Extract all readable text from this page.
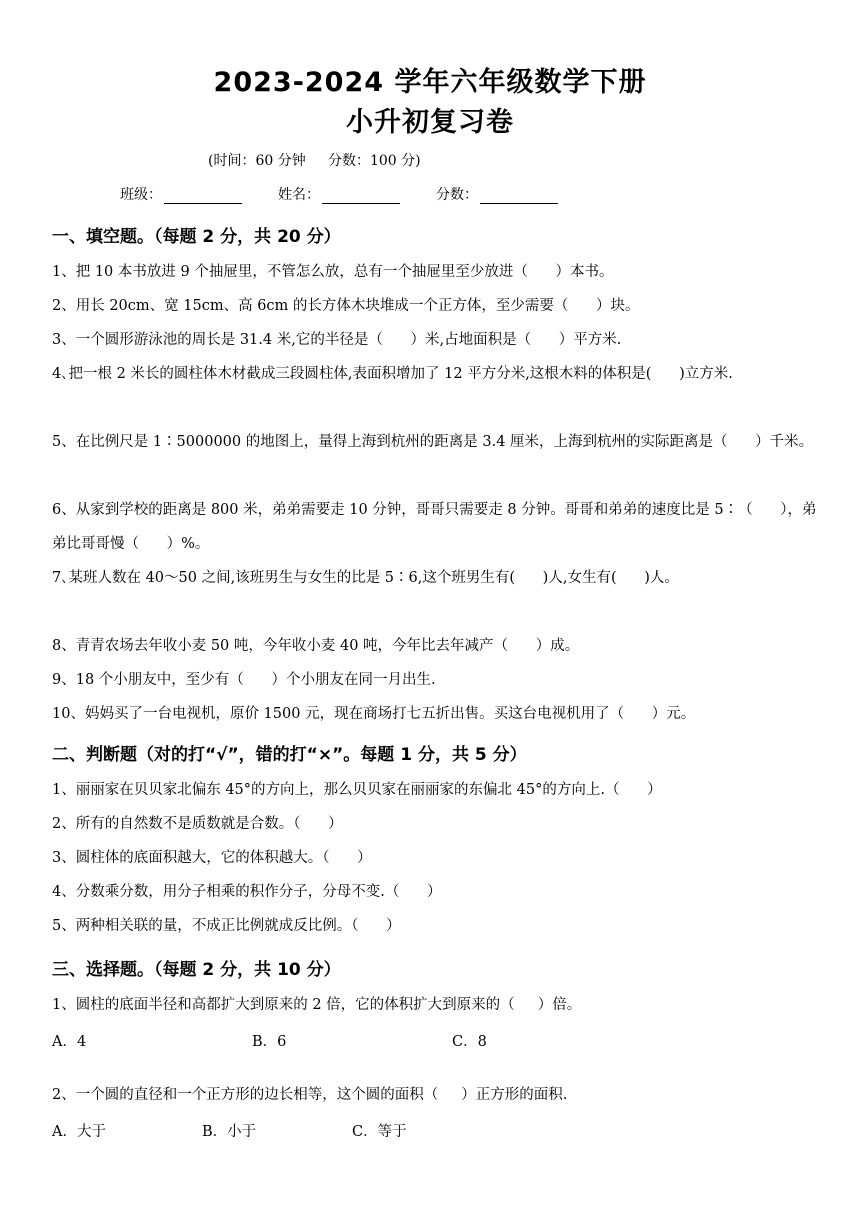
2023-2024 学年六年级数学下册
小升初复习卷
(时间：60 分钟     分数：100 分)
班级：	姓名：	分数：
一、填空题。（每题 2 分，共 20 分）
1、把 10 本书放进 9 个抽屉里，不管怎么放，总有一个抽屉里至少放进（      ）本书。
2、用长 20cm、宽 15cm、高 6cm 的长方体木块堆成一个正方体，至少需要（      ）块。
3、一个圆形游泳池的周长是 31.4 米,它的半径是（      ）米,占地面积是（      ）平方米.
4､把一根 2 米长的圆柱体木材截成三段圆柱体,表面积增加了 12 平方分米,这根木料的体积是(      )立方米.
5、在比例尺是 1∶5000000 的地图上，量得上海到杭州的距离是 3.4 厘米，上海到杭州的实际距离是（      ）千米。
6、从家到学校的距离是 800 米，弟弟需要走 10 分钟，哥哥只需要走 8 分钟。哥哥和弟弟的速度比是 5∶（      ），弟弟比哥哥慢（      ）%。
7､某班人数在 40～50 之间,该班男生与女生的比是 5∶6,这个班男生有(      )人,女生有(      )人。
8、青青农场去年收小麦 50 吨，今年收小麦 40 吨，今年比去年减产（      ）成。
9、18 个小朋友中，至少有（      ）个小朋友在同一月出生.
10、妈妈买了一台电视机，原价 1500 元，现在商场打七五折出售。买这台电视机用了（      ）元。
二、判断题（对的打“√”，错的打“×”。每题 1 分，共 5 分）
1、丽丽家在贝贝家北偏东 45°的方向上，那么贝贝家在丽丽家的东偏北 45°的方向上.（      ）
2、所有的自然数不是质数就是合数。（      ）
3、圆柱体的底面积越大，它的体积越大。（      ）
4、分数乘分数，用分子相乘的积作分子，分母不变.（      ）
5、两种相关联的量，不成正比例就成反比例。（      ）
三、选择题。（每题 2 分，共 10 分）
1、圆柱的底面半径和高都扩大到原来的 2 倍，它的体积扩大到原来的（     ）倍。
A．4	B．6	C．8
2、一个圆的直径和一个正方形的边长相等，这个圆的面积（     ）正方形的面积.
A．大于	B．小于	C．等于
